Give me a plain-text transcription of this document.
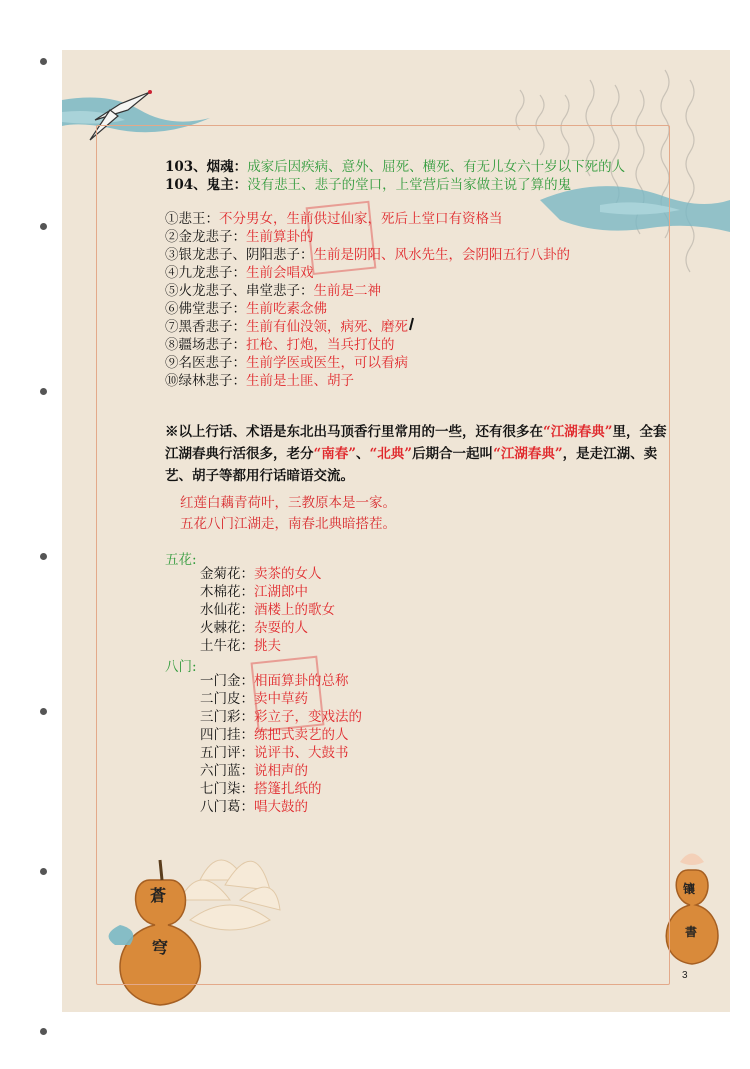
103、烟魂：成家后因疾病、意外、屈死、横死、有无儿女六十岁以下死的人
104、鬼主：没有悲王、悲子的堂口，上堂营后当家做主说了算的鬼
①悲王：不分男女，生前供过仙家，死后上堂口有资格当
②金龙悲子：生前算卦的
③银龙悲子、阴阳悲子：生前是阴阳、风水先生，会阴阳五行八卦的
④九龙悲子：生前会唱戏
⑤火龙悲子、串堂悲子：生前是二神
⑥佛堂悲子：生前吃素念佛
⑦黑香悲子：生前有仙没领，病死、磨死
⑧疆场悲子：扛枪、打炮，当兵打仗的
⑨名医悲子：生前学医或医生，可以看病
⑩绿林悲子：生前是土匪、胡子
※以上行话、术语是东北出马顶香行里常用的一些，还有很多在“江湖春典”里，全套江湖春典行活很多，老分“南春”、“北典”后期合一起叫“江湖春典”，是走江湖、卖艺、胡子等都用行话暗语交流。
红莲白藕青荷叶，三教原本是一家。
五花八门江湖走，南春北典暗搭茬。
五花:
金菊花：卖茶的女人
木棉花：江湖郎中
水仙花：酒楼上的歌女
火棘花：杂耍的人
土牛花：挑夫
八门:
一门金：相面算卦的总称
二门皮：卖中草药
三门彩：彩立子，变戏法的
四门挂：练把式卖艺的人
五门评：说评书、大鼓书
六门蓝：说相声的
七门柒：搭篷扎纸的
八门葛：唱大鼓的
蒼
穹
镶
書
3
